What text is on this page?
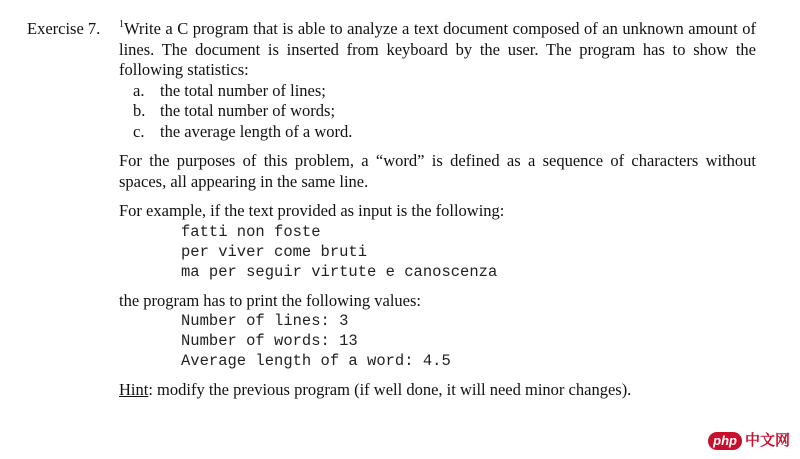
Exercise 7. $^1$Write a C program that is able to analyze a text document composed of an unknown amount of lines. The document is inserted from keyboard by the user. The program has to show the following statistics:

a. the total number of lines;
b. the total number of words;
c. the average length of a word.

For the purposes of this problem, a “word” is defined as a sequence of characters without spaces, all appearing in the same line.

For example, if the text provided as input is the following:

fatti non foste
per viver come bruti
ma per seguir virtute e canoscenza

the program has to print the following values:

Number of lines: 3
Number of words: 13
Average length of a word: 4.5

Hint: modify the previous program (if well done, it will need minor changes).

php 中文网
